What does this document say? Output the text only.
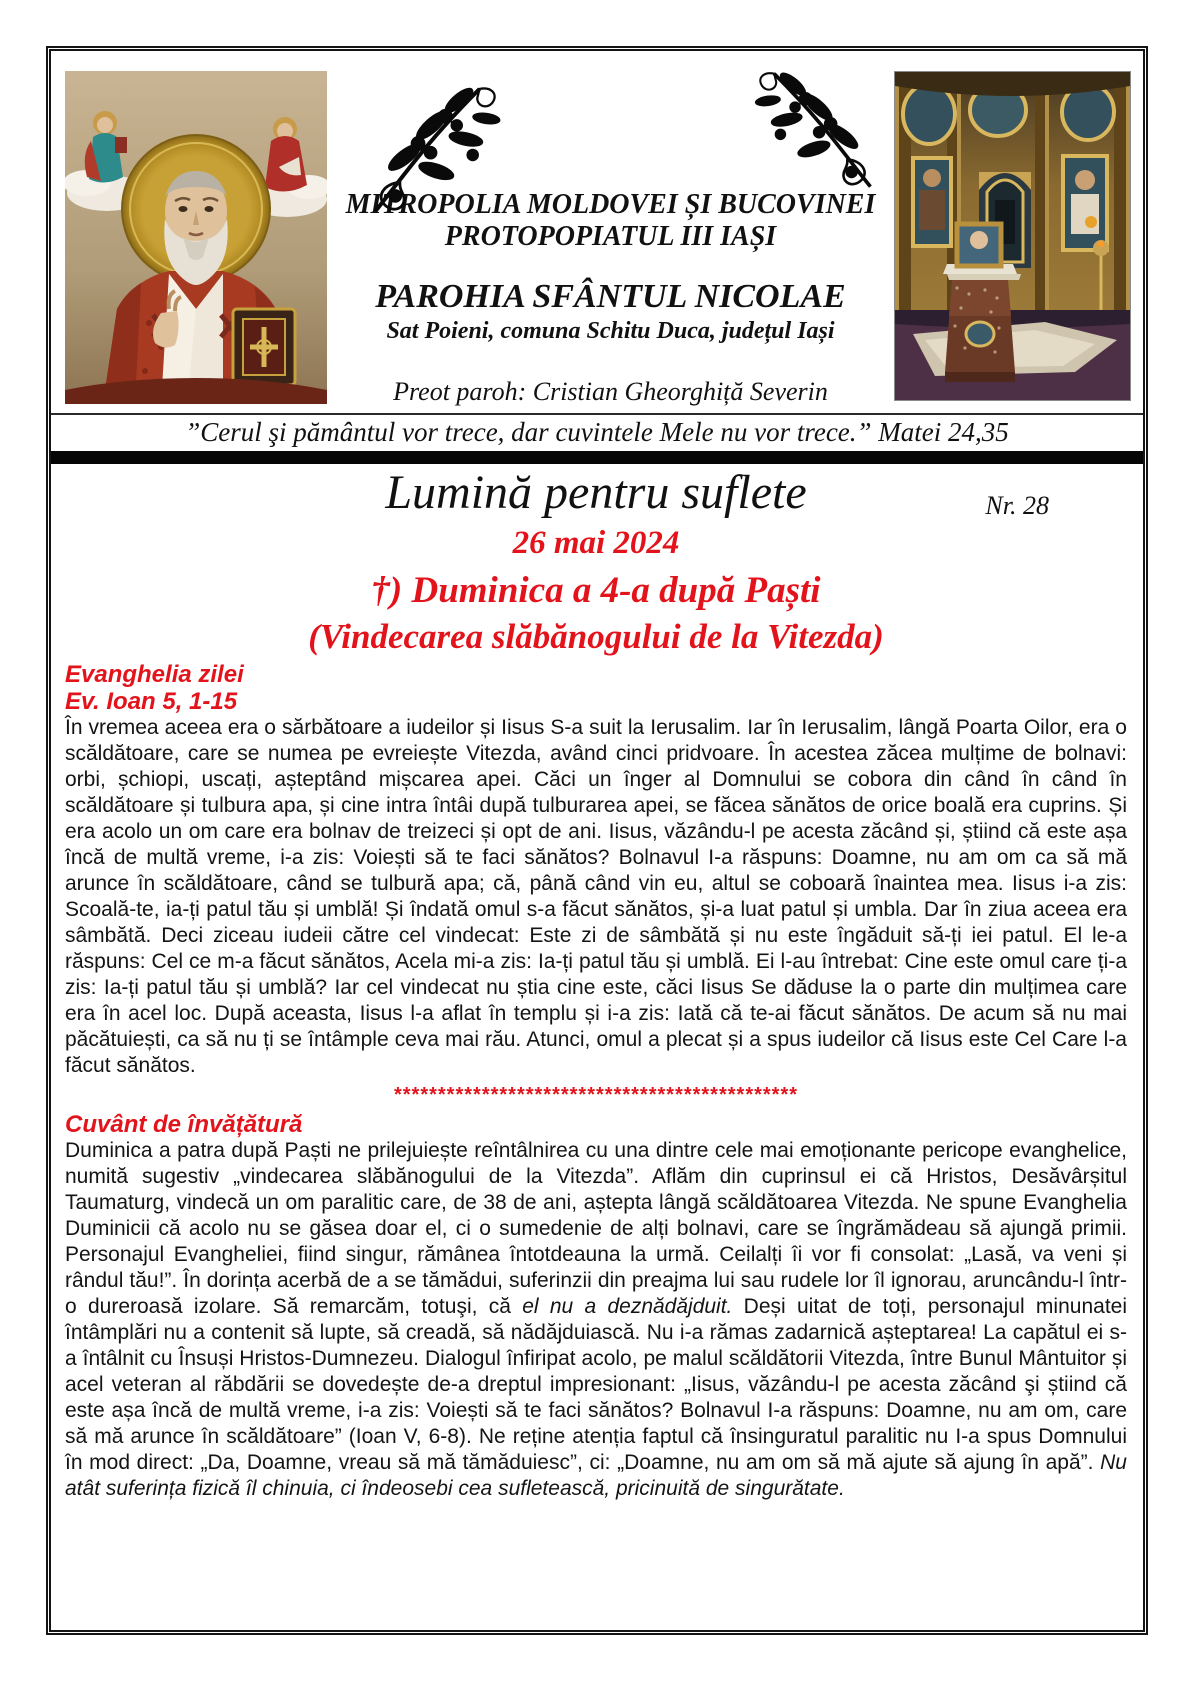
MITROPOLIA MOLDOVEI ȘI BUCOVINEI
PROTOPOPIATUL III IAȘI
PAROHIA SFÂNTUL NICOLAE
Sat Poieni, comuna Schitu Duca, județul Iași
Preot paroh: Cristian Gheorghiță Severin
”Cerul şi pământul vor trece, dar cuvintele Mele nu vor trece.” Matei 24,35
Lumină pentru suflete	Nr. 28
26 mai 2024
†) Duminica a 4-a după Paști
(Vindecarea slăbănogului de la Vitezda)
Evanghelia zilei
Ev. Ioan 5, 1-15
În vremea aceea era o sărbătoare a iudeilor și Iisus S-a suit la Ierusalim. Iar în Ierusalim, lângă Poarta Oilor, era o scăldătoare, care se numea pe evreiește Vitezda, având cinci pridvoare. În acestea zăcea mulțime de bolnavi: orbi, șchiopi, uscați, așteptând mișcarea apei. Căci un înger al Domnului se cobora din când în când în scăldătoare și tulbura apa, și cine intra întâi după tulburarea apei, se făcea sănătos de orice boală era cuprins. Și era acolo un om care era bolnav de treizeci și opt de ani. Iisus, văzându-l pe acesta zăcând și, știind că este așa încă de multă vreme, i-a zis: Voiești să te faci sănătos? Bolnavul I-a răspuns: Doamne, nu am om ca să mă arunce în scăldătoare, când se tulbură apa; că, până când vin eu, altul se coboară înaintea mea. Iisus i-a zis: Scoală-te, ia-ți patul tău și umblă! Și îndată omul s-a făcut sănătos, și-a luat patul și umbla. Dar în ziua aceea era sâmbătă. Deci ziceau iudeii către cel vindecat: Este zi de sâmbătă și nu este îngăduit să-ți iei patul. El le-a răspuns: Cel ce m-a făcut sănătos, Acela mi-a zis: Ia-ți patul tău și umblă. Ei l-au întrebat: Cine este omul care ți-a zis: Ia-ți patul tău și umblă? Iar cel vindecat nu știa cine este, căci Iisus Se dăduse la o parte din mulțimea care era în acel loc. După aceasta, Iisus l-a aflat în templu și i-a zis: Iată că te-ai făcut sănătos. De acum să nu mai păcătuiești, ca să nu ți se întâmple ceva mai rău. Atunci, omul a plecat și a spus iudeilor că Iisus este Cel Care l-a făcut sănătos.
**********************************************
Cuvânt de învățătură
Duminica a patra după Paști ne prilejuiește reîntâlnirea cu una dintre cele mai emoționante pericope evanghelice, numită sugestiv „vindecarea slăbănogului de la Vitezda”. Aflăm din cuprinsul ei că Hristos, Desăvârșitul Taumaturg, vindecă un om paralitic care, de 38 de ani, aștepta lângă scăldătoarea Vitezda. Ne spune Evanghelia Duminicii că acolo nu se găsea doar el, ci o sumedenie de alți bolnavi, care se îngrămădeau să ajungă primii. Personajul Evangheliei, fiind singur, rămânea întotdeauna la urmă. Ceilalți îi vor fi consolat: „Lasă, va veni și rândul tău!”. În dorința acerbă de a se tămădui, suferinzii din preajma lui sau rudele lor îl ignorau, aruncându-l într-o dureroasă izolare. Să remarcăm, totuşi, că el nu a deznădăjduit. Deși uitat de toți, personajul minunatei întâmplări nu a contenit să lupte, să creadă, să nădăjduiască. Nu i-a rămas zadarnică așteptarea! La capătul ei s-a întâlnit cu Însuși Hristos-Dumnezeu. Dialogul înfiripat acolo, pe malul scăldătorii Vitezda, între Bunul Mântuitor și acel veteran al răbdării se dovedește de-a dreptul impresionant: „Iisus, văzându-l pe acesta zăcând şi știind că este așa încă de multă vreme, i-a zis: Voiești să te faci sănătos? Bolnavul I-a răspuns: Doamne, nu am om, care să mă arunce în scăldătoare” (Ioan V, 6-8). Ne reține atenția faptul că însinguratul paralitic nu I-a spus Domnului în mod direct: „Da, Doamne, vreau să mă tămăduiesc”, ci: „Doamne, nu am om să mă ajute să ajung în apă”. Nu atât suferința fizică îl chinuia, ci îndeosebi cea sufletească, pricinuită de singurătate.
